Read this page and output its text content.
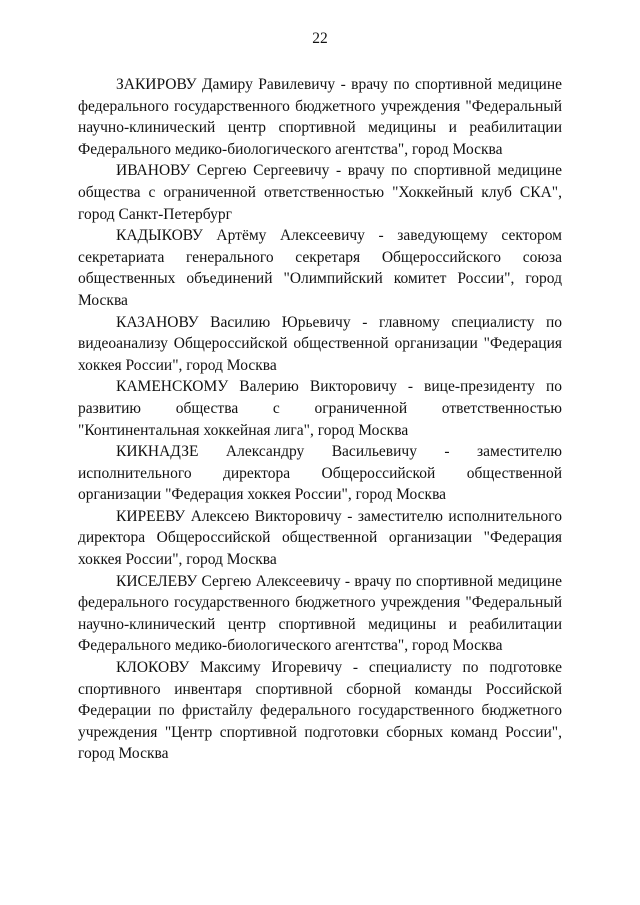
22

ЗАКИРОВУ Дамиру Равилевичу - врачу по спортивной медицине федерального государственного бюджетного учреждения "Федеральный научно-клинический центр спортивной медицины и реабилитации Федерального медико-биологического агентства", город Москва

ИВАНОВУ Сергею Сергеевичу - врачу по спортивной медицине общества с ограниченной ответственностью "Хоккейный клуб СКА", город Санкт-Петербург

КАДЫКОВУ Артёму Алексеевичу - заведующему сектором секретариата генерального секретаря Общероссийского союза общественных объединений "Олимпийский комитет России", город Москва

КАЗАНОВУ Василию Юрьевичу - главному специалисту по видеоанализу Общероссийской общественной организации "Федерация хоккея России", город Москва

КАМЕНСКОМУ Валерию Викторовичу - вице-президенту по развитию общества с ограниченной ответственностью "Континентальная хоккейная лига", город Москва

КИКНАДЗЕ Александру Васильевичу - заместителю исполнительного директора Общероссийской общественной организации "Федерация хоккея России", город Москва

КИРЕЕВУ Алексею Викторовичу - заместителю исполнительного директора Общероссийской общественной организации "Федерация хоккея России", город Москва

КИСЕЛЕВУ Сергею Алексеевичу - врачу по спортивной медицине федерального государственного бюджетного учреждения "Федеральный научно-клинический центр спортивной медицины и реабилитации Федерального медико-биологического агентства", город Москва

КЛОКОВУ Максиму Игоревичу - специалисту по подготовке спортивного инвентаря спортивной сборной команды Российской Федерации по фристайлу федерального государственного бюджетного учреждения "Центр спортивной подготовки сборных команд России", город Москва
